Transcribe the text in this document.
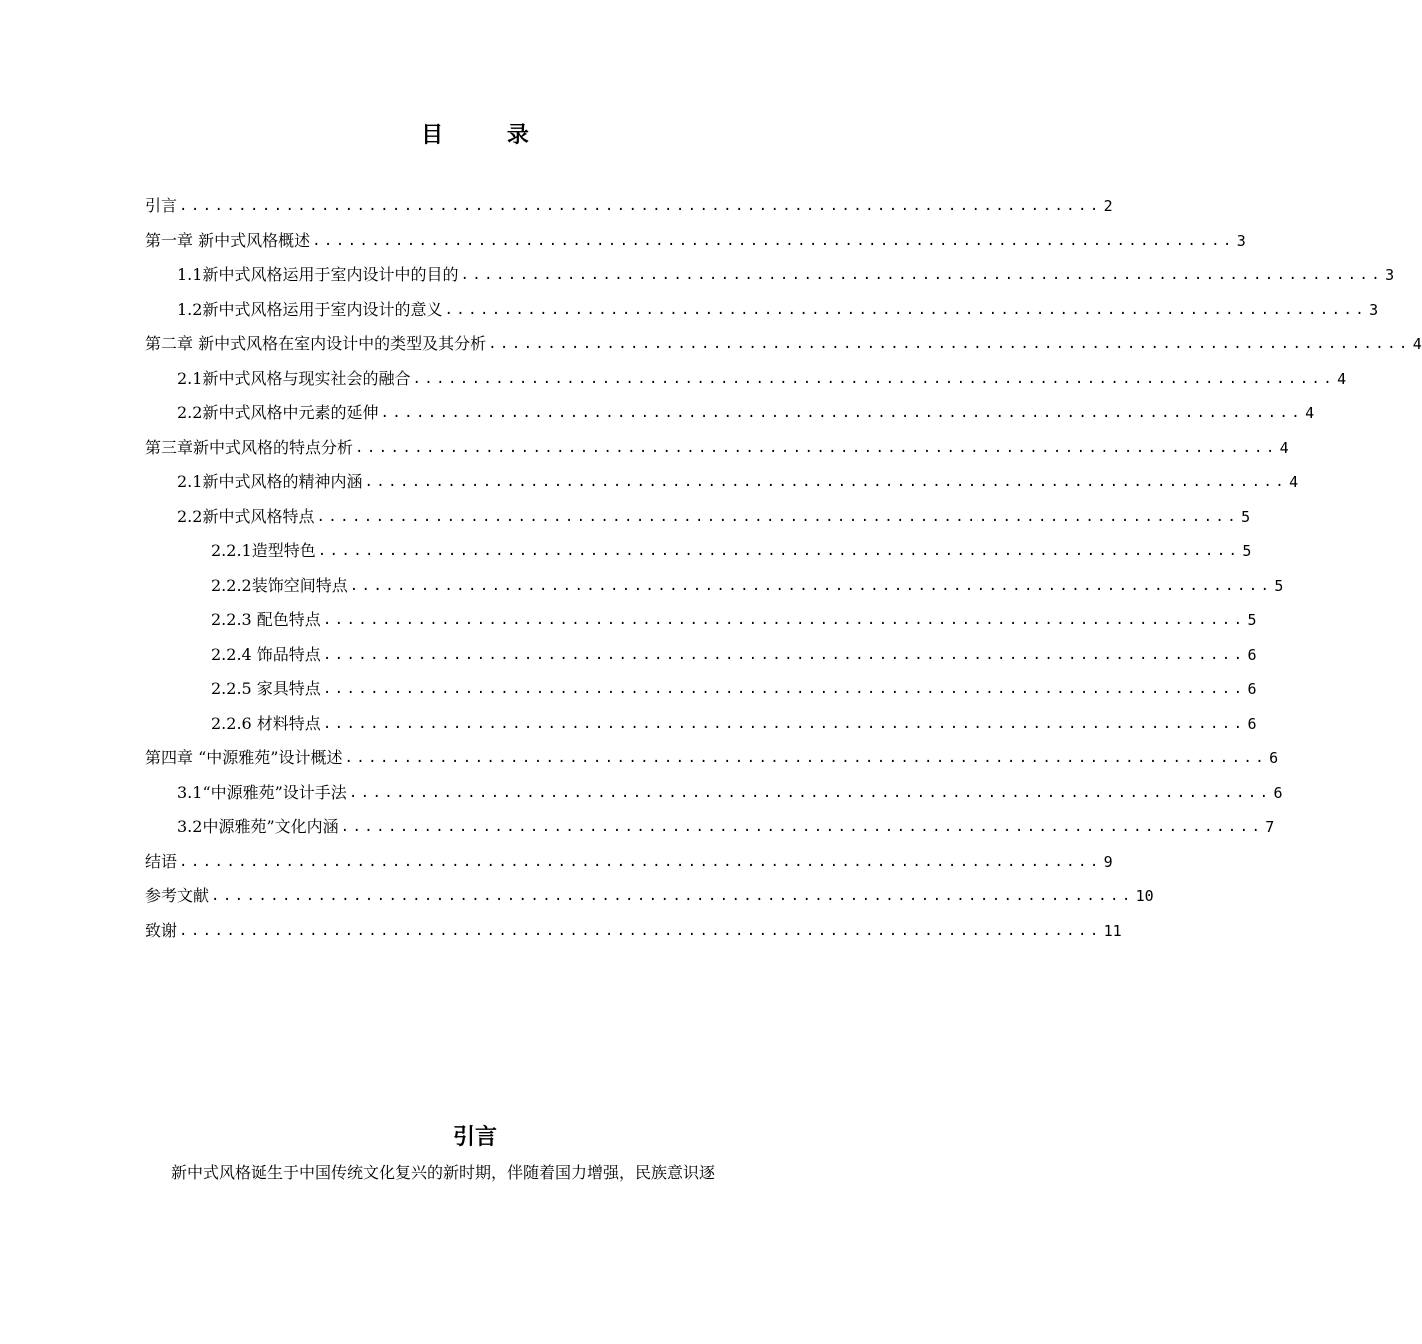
目 录
引言 .............................................................................. 2
第一章 新中式风格概述 .............................................................................. 3
1.1新中式风格运用于室内设计中的目的 .............................................................................. 3
1.2新中式风格运用于室内设计的意义 .............................................................................. 3
第二章 新中式风格在室内设计中的类型及其分析 .............................................................................. 4
2.1新中式风格与现实社会的融合 .............................................................................. 4
2.2新中式风格中元素的延伸 .............................................................................. 4
第三章新中式风格的特点分析 .............................................................................. 4
2.1新中式风格的精神内涵 .............................................................................. 4
2.2新中式风格特点 .............................................................................. 5
2.2.1造型特色 .............................................................................. 5
2.2.2装饰空间特点 .............................................................................. 5
2.2.3 配色特点 .............................................................................. 5
2.2.4 饰品特点 .............................................................................. 6
2.2.5 家具特点 .............................................................................. 6
2.2.6 材料特点 .............................................................................. 6
第四章 “中源雅苑”设计概述 .............................................................................. 6
3.1“中源雅苑”设计手法 .............................................................................. 6
3.2中源雅苑”文化内涵 .............................................................................. 7
结语 .............................................................................. 9
参考文献 .............................................................................. 10
致谢 .............................................................................. 11
引言
新中式风格诞生于中国传统文化复兴的新时期，伴随着国力增强，民族意识逐
